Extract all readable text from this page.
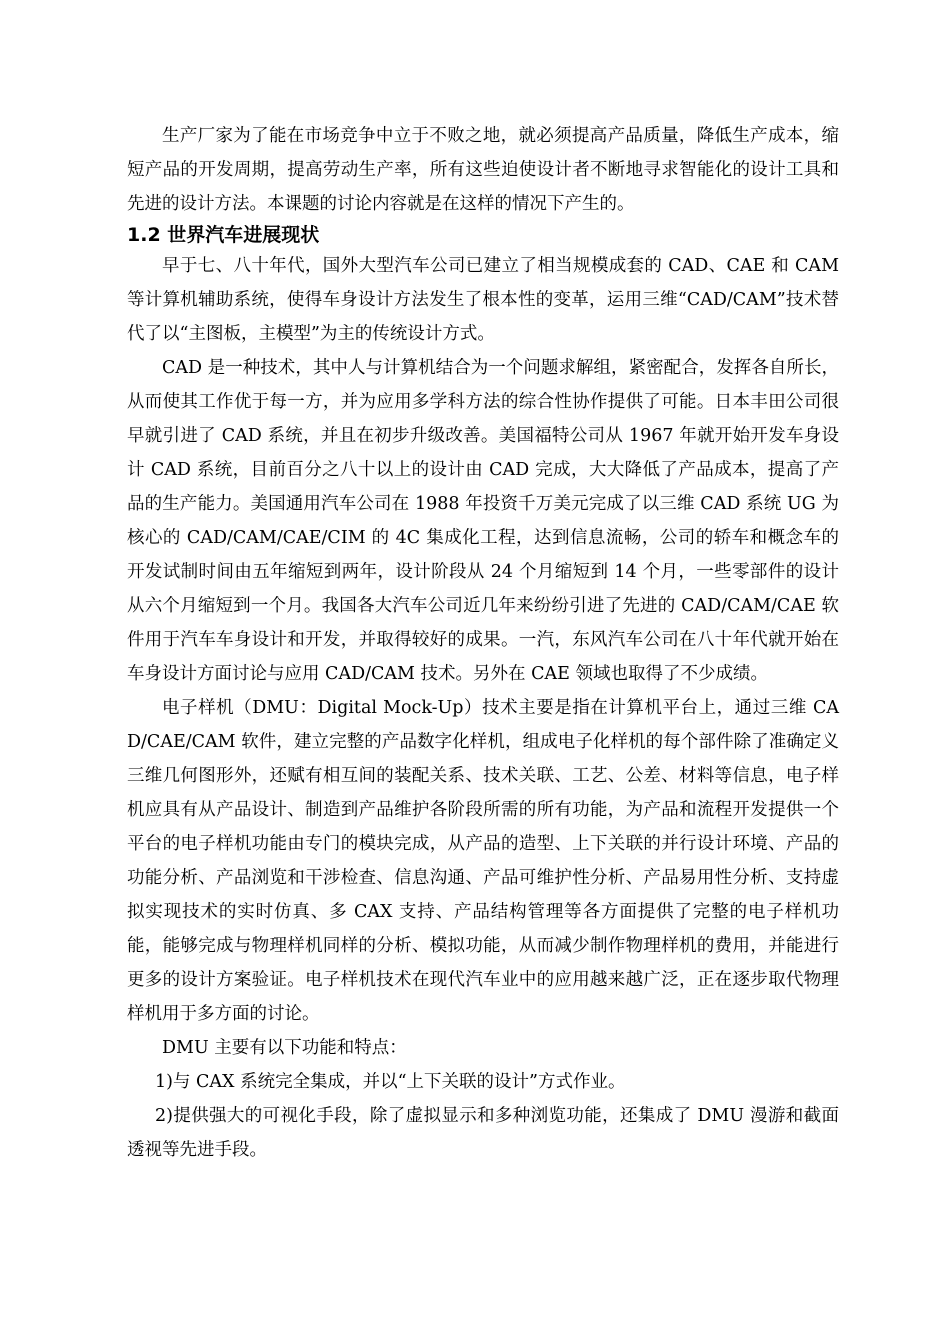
生产厂家为了能在市场竞争中立于不败之地，就必须提高产品质量，降低生产成本，缩短产品的开发周期，提高劳动生产率，所有这些迫使设计者不断地寻求智能化的设计工具和先进的设计方法。本课题的讨论内容就是在这样的情况下产生的。

1.2 世界汽车进展现状

早于七、八十年代，国外大型汽车公司已建立了相当规模成套的 CAD、CAE 和 CAM 等计算机辅助系统，使得车身设计方法发生了根本性的变革，运用三维“CAD/CAM”技术替代了以“主图板，主模型”为主的传统设计方式。

CAD 是一种技术，其中人与计算机结合为一个问题求解组，紧密配合，发挥各自所长，从而使其工作优于每一方，并为应用多学科方法的综合性协作提供了可能。日本丰田公司很早就引进了 CAD 系统，并且在初步升级改善。美国福特公司从 1967 年就开始开发车身设计 CAD 系统，目前百分之八十以上的设计由 CAD 完成，大大降低了产品成本，提高了产品的生产能力。美国通用汽车公司在 1988 年投资千万美元完成了以三维 CAD 系统 UG 为核心的 CAD/CAM/CAE/CIM 的 4C 集成化工程，达到信息流畅，公司的轿车和概念车的开发试制时间由五年缩短到两年，设计阶段从 24 个月缩短到 14 个月，一些零部件的设计从六个月缩短到一个月。我国各大汽车公司近几年来纷纷引进了先进的 CAD/CAM/CAE 软件用于汽车车身设计和开发，并取得较好的成果。一汽，东风汽车公司在八十年代就开始在车身设计方面讨论与应用 CAD/CAM 技术。另外在 CAE 领域也取得了不少成绩。

电子样机（DMU：Digital Mock-Up）技术主要是指在计算机平台上，通过三维 CAD/CAE/CAM 软件，建立完整的产品数字化样机，组成电子化样机的每个部件除了准确定义三维几何图形外，还赋有相互间的装配关系、技术关联、工艺、公差、材料等信息，电子样机应具有从产品设计、制造到产品维护各阶段所需的所有功能，为产品和流程开发提供一个平台的电子样机功能由专门的模块完成，从产品的造型、上下关联的并行设计环境、产品的功能分析、产品浏览和干涉检查、信息沟通、产品可维护性分析、产品易用性分析、支持虚拟实现技术的实时仿真、多 CAX 支持、产品结构管理等各方面提供了完整的电子样机功能，能够完成与物理样机同样的分析、模拟功能，从而减少制作物理样机的费用，并能进行更多的设计方案验证。电子样机技术在现代汽车业中的应用越来越广泛，正在逐步取代物理样机用于多方面的讨论。

DMU 主要有以下功能和特点：

1)与 CAX 系统完全集成，并以“上下关联的设计”方式作业。

2)提供强大的可视化手段，除了虚拟显示和多种浏览功能，还集成了 DMU 漫游和截面透视等先进手段。
